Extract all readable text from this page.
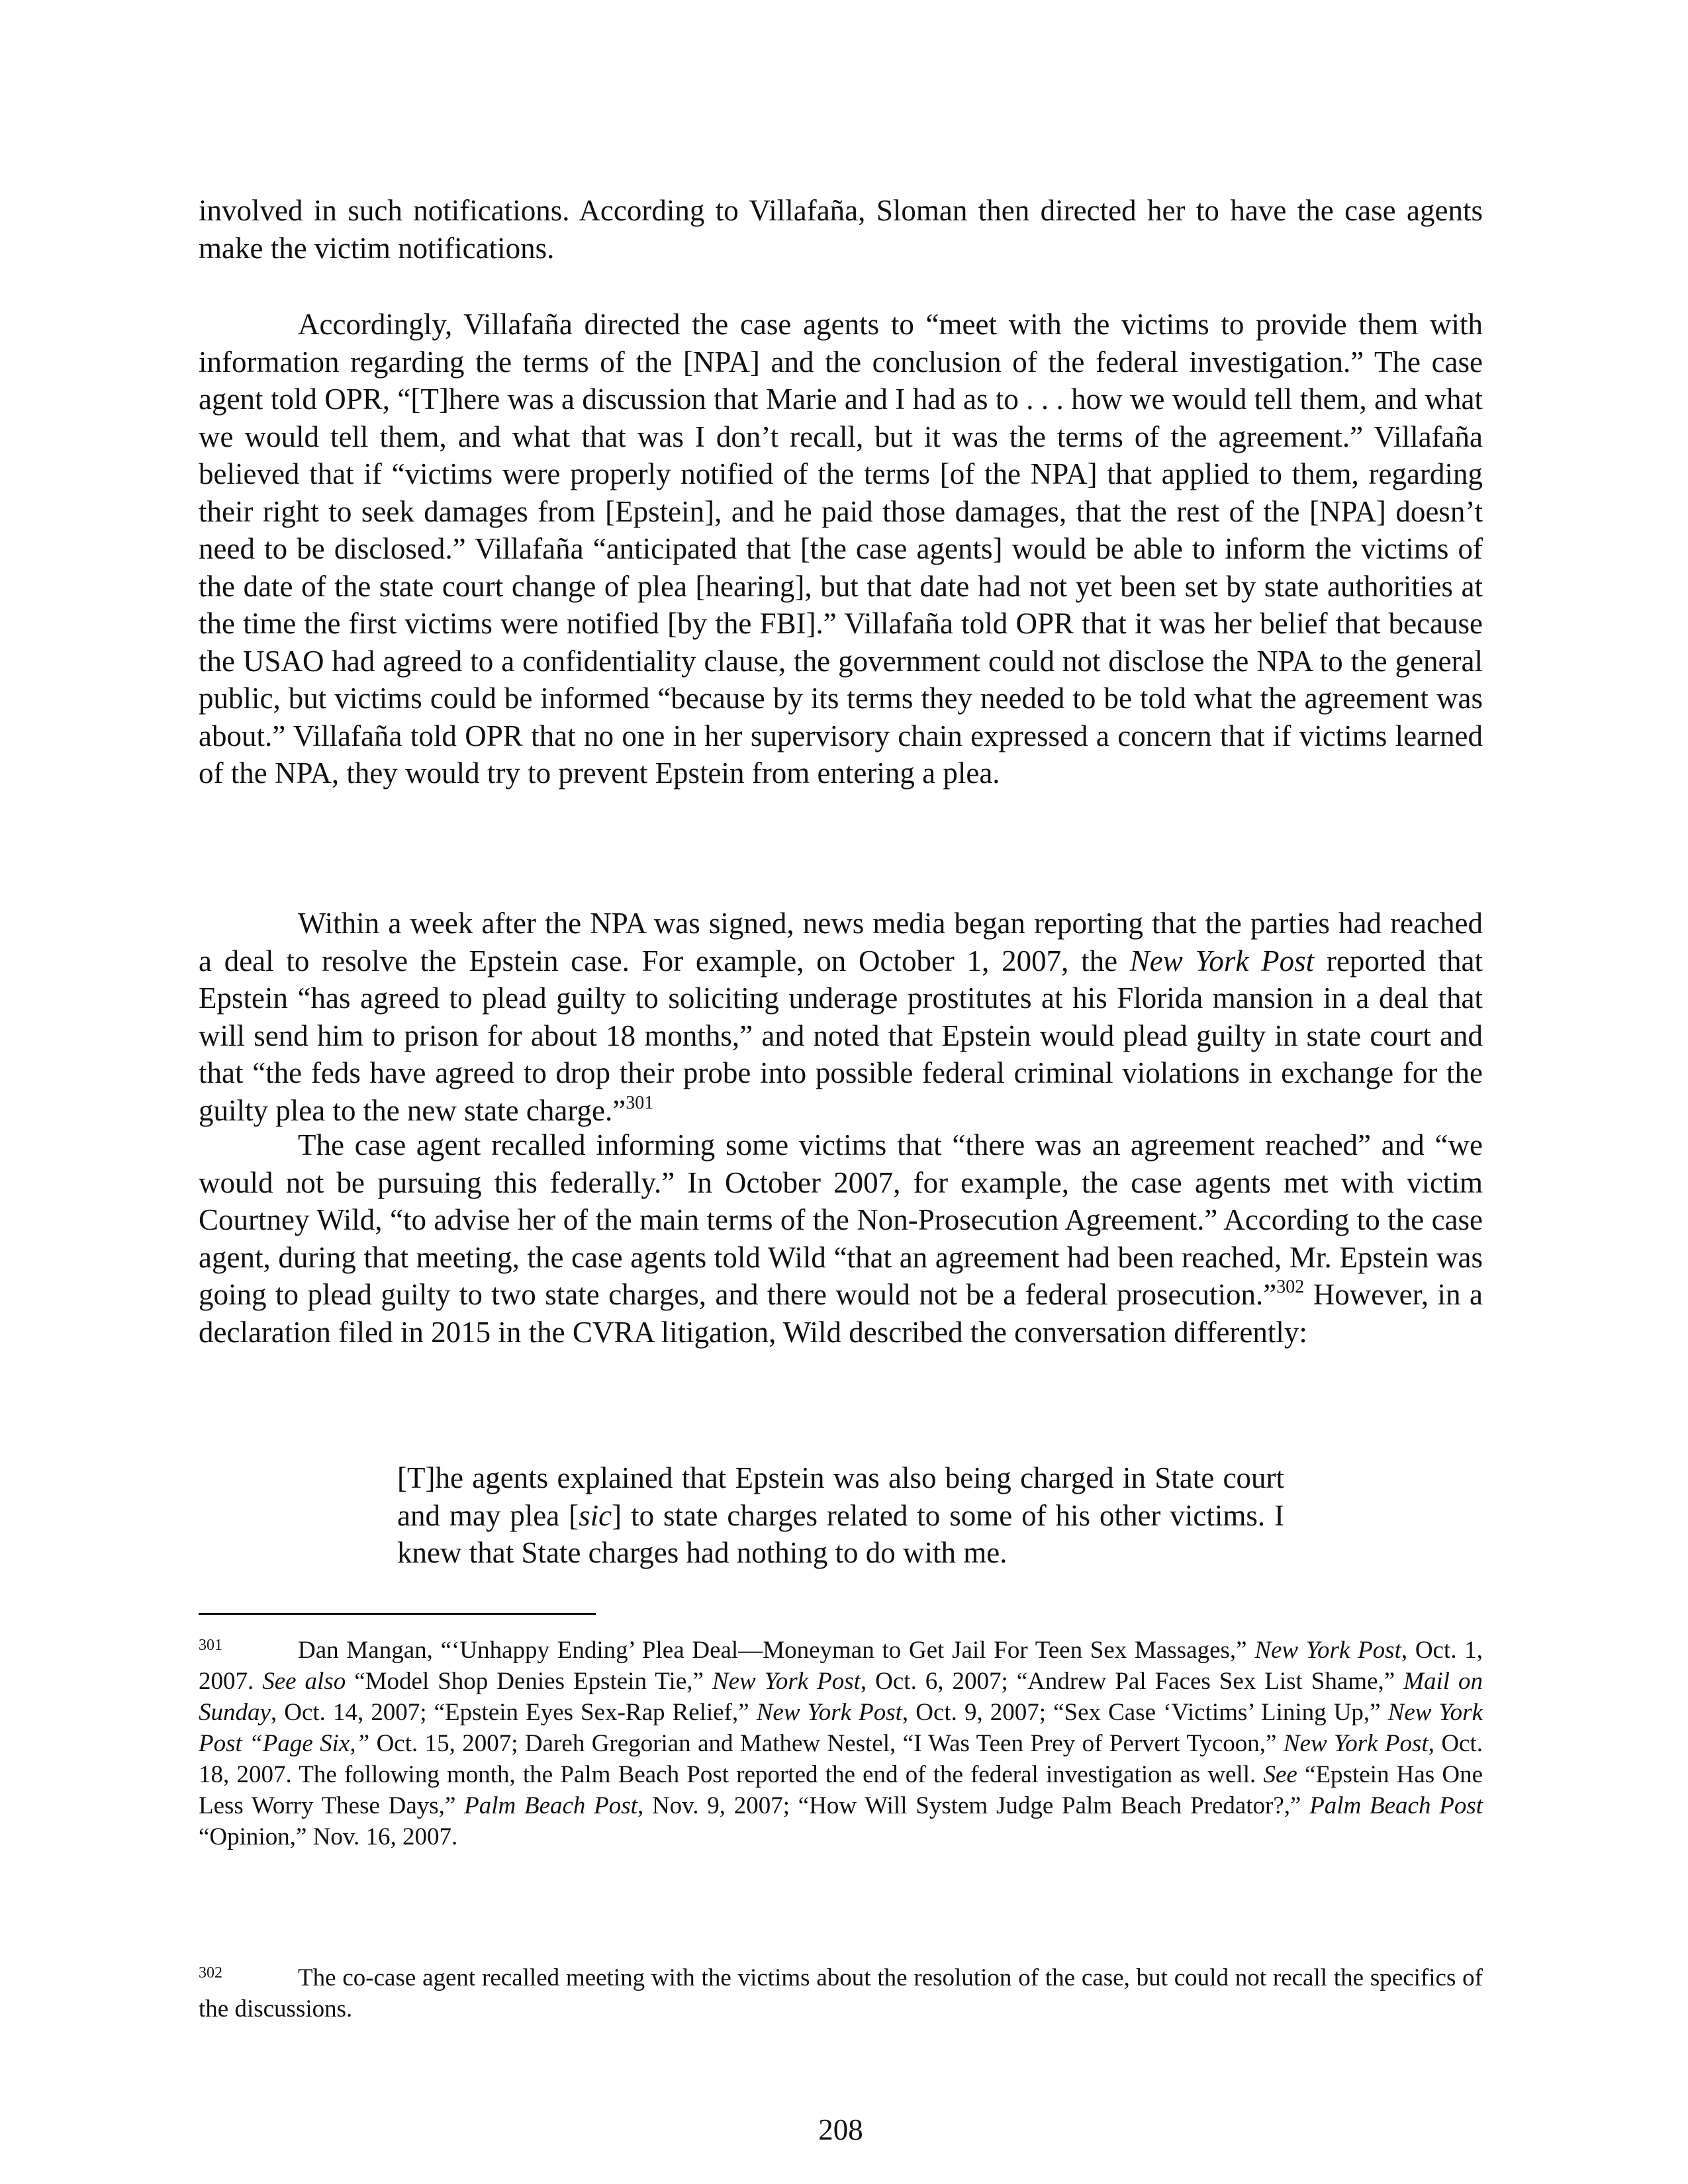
involved in such notifications. According to Villafaña, Sloman then directed her to have the case agents make the victim notifications.

Accordingly, Villafaña directed the case agents to “meet with the victims to provide them with information regarding the terms of the [NPA] and the conclusion of the federal investigation.” The case agent told OPR, “[T]here was a discussion that Marie and I had as to . . . how we would tell them, and what we would tell them, and what that was I don’t recall, but it was the terms of the agreement.” Villafaña believed that if “victims were properly notified of the terms [of the NPA] that applied to them, regarding their right to seek damages from [Epstein], and he paid those damages, that the rest of the [NPA] doesn’t need to be disclosed.” Villafaña “anticipated that [the case agents] would be able to inform the victims of the date of the state court change of plea [hearing], but that date had not yet been set by state authorities at the time the first victims were notified [by the FBI].” Villafaña told OPR that it was her belief that because the USAO had agreed to a confidentiality clause, the government could not disclose the NPA to the general public, but victims could be informed “because by its terms they needed to be told what the agreement was about.” Villafaña told OPR that no one in her supervisory chain expressed a concern that if victims learned of the NPA, they would try to prevent Epstein from entering a plea.

Within a week after the NPA was signed, news media began reporting that the parties had reached a deal to resolve the Epstein case. For example, on October 1, 2007, the New York Post reported that Epstein “has agreed to plead guilty to soliciting underage prostitutes at his Florida mansion in a deal that will send him to prison for about 18 months,” and noted that Epstein would plead guilty in state court and that “the feds have agreed to drop their probe into possible federal criminal violations in exchange for the guilty plea to the new state charge.”$^{301}$

The case agent recalled informing some victims that “there was an agreement reached” and “we would not be pursuing this federally.” In October 2007, for example, the case agents met with victim Courtney Wild, “to advise her of the main terms of the Non-Prosecution Agreement.” According to the case agent, during that meeting, the case agents told Wild “that an agreement had been reached, Mr. Epstein was going to plead guilty to two state charges, and there would not be a federal prosecution.”$^{302}$ However, in a declaration filed in 2015 in the CVRA litigation, Wild described the conversation differently:

[T]he agents explained that Epstein was also being charged in State court and may plea [sic] to state charges related to some of his other victims. I knew that State charges had nothing to do with me.

301	Dan Mangan, “‘Unhappy Ending’ Plea Deal—Moneyman to Get Jail For Teen Sex Massages,” New York Post, Oct. 1, 2007. See also “Model Shop Denies Epstein Tie,” New York Post, Oct. 6, 2007; “Andrew Pal Faces Sex List Shame,” Mail on Sunday, Oct. 14, 2007; “Epstein Eyes Sex-Rap Relief,” New York Post, Oct. 9, 2007; “Sex Case ‘Victims’ Lining Up,” New York Post “Page Six,” Oct. 15, 2007; Dareh Gregorian and Mathew Nestel, “I Was Teen Prey of Pervert Tycoon,” New York Post, Oct. 18, 2007. The following month, the Palm Beach Post reported the end of the federal investigation as well. See “Epstein Has One Less Worry These Days,” Palm Beach Post, Nov. 9, 2007; “How Will System Judge Palm Beach Predator?,” Palm Beach Post “Opinion,” Nov. 16, 2007.

302	The co-case agent recalled meeting with the victims about the resolution of the case, but could not recall the specifics of the discussions.

208
